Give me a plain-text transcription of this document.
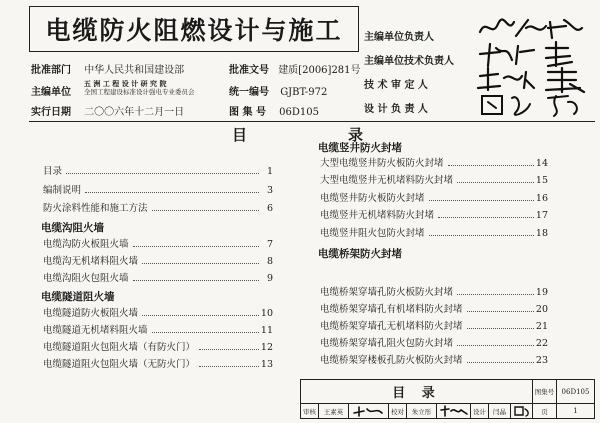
电缆防火阻燃设计与施工
批准部门 中华人民共和国建设部	批准文号 建质[2006]281号
主编单位
五 洲 工 程 设 计 研 究 院
全国工程建设标准设计强电专业委员会	统一编号 GJBT-972
实行日期 二〇〇六年十二月一日	图 集 号 06D105
主编单位负责人
主编单位技术负责人
技 术 审 定 人
设 计 负 责 人
目	录
目录	1
编制说明	3
防火涂料性能和施工方法	6
电缆沟阻火墙
电缆沟防火板阻火墙	7
电缆沟无机堵料阻火墙	8
电缆沟阻火包阻火墙	9
电缆隧道阻火墙
电缆隧道防火板阻火墙	10
电缆隧道无机堵料阻火墙	11
电缆隧道阻火包阻火墙（有防火门）	12
电缆隧道阻火包阻火墙（无防火门）	13
电缆竖井防火封堵
大型电缆竖井防火板防火封堵	14
大型电缆竖井无机堵料防火封堵	15
电缆竖井防火板防火封堵	16
电缆竖井无机堵料防火封堵	17
电缆竖井阻火包防火封堵	18
电缆桥架防火封堵
电缆桥架穿墙孔防火板防火封堵	19
电缆桥架穿墙孔有机堵料防火封堵	20
电缆桥架穿墙孔无机堵料防火封堵	21
电缆桥架穿墙孔阻火包防火封堵	22
电缆桥架穿楼板孔防火板防火封堵	23
目 录	图集号	06D105
审核	王素英	校对	朱立彤	设计	闫晶	页	1
